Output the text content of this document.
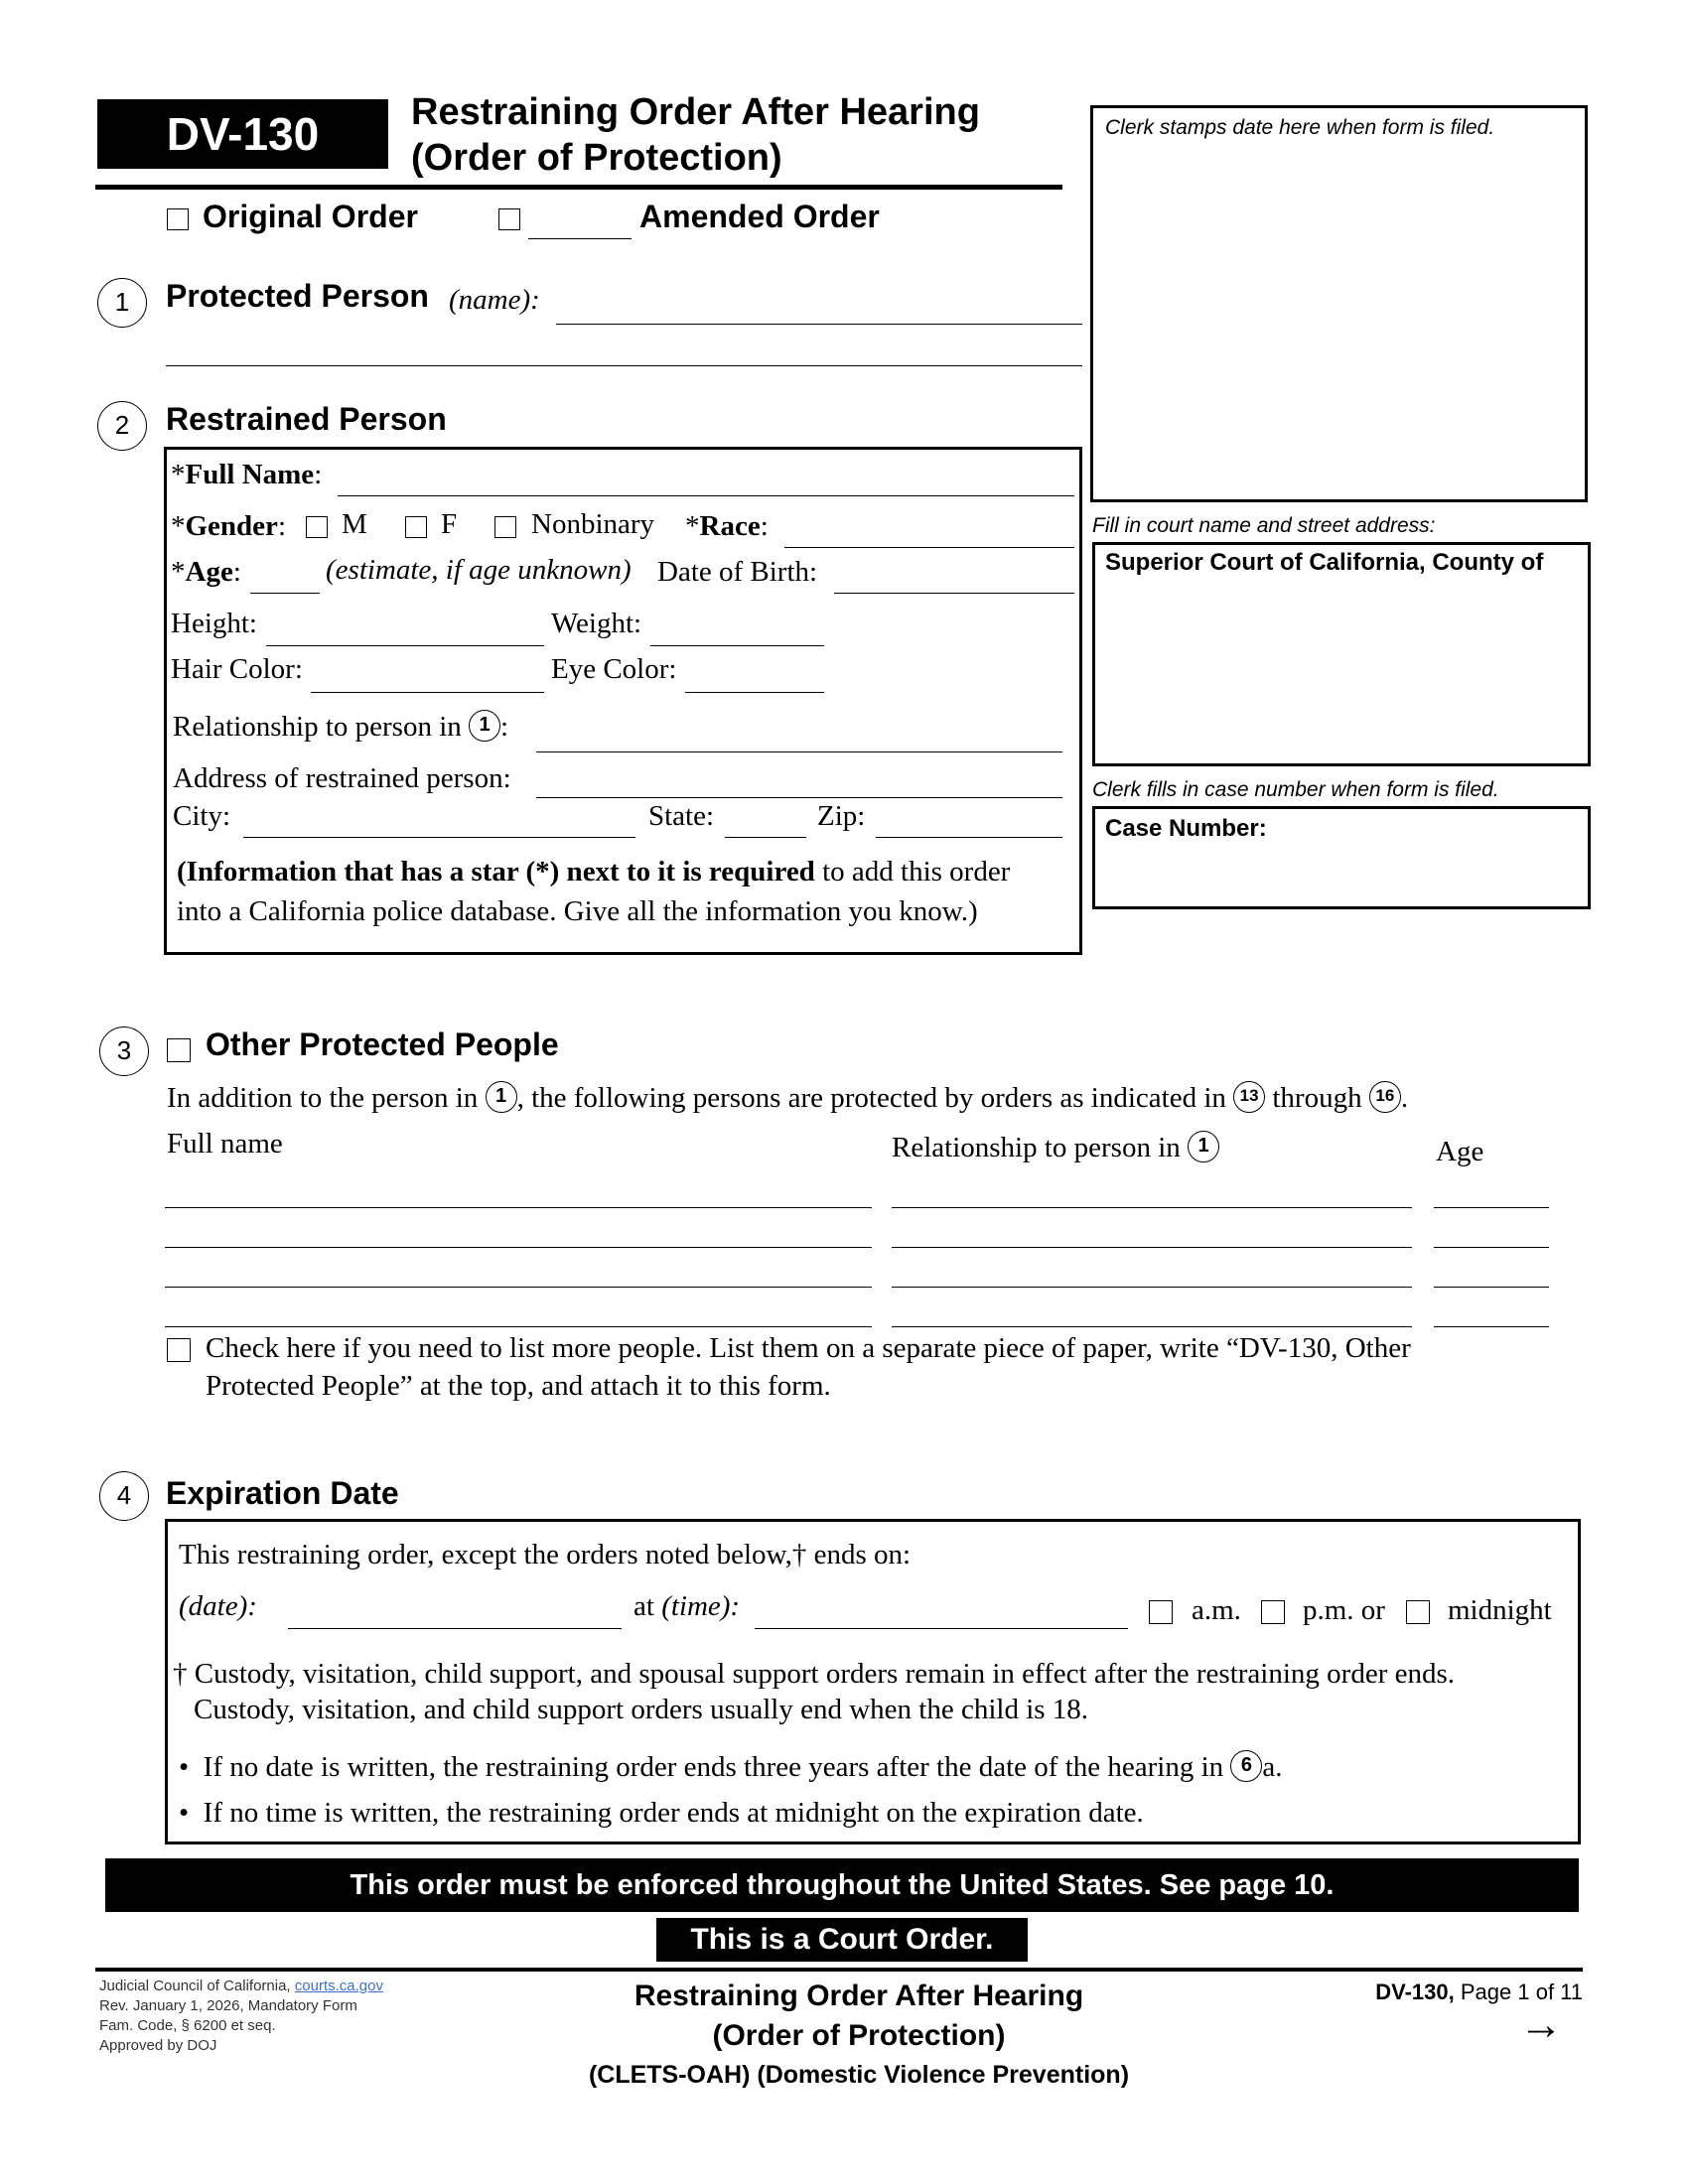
DV-130	Restraining Order After Hearing
(Order of Protection)
Original Order	Amended Order
Clerk stamps date here when form is filed.
Fill in court name and street address:
Superior Court of California, County of
Clerk fills in case number when form is filed.
Case Number:
1	Protected Person (name):
2	Restrained Person
*Full Name:
*Gender: M	F	Nonbinary *Race:
*Age:	(estimate, if age unknown) Date of Birth:
Height:	Weight:
Hair Color:	Eye Color:
Relationship to person in 1 :
Address of restrained person:
City:	State:	Zip:
(Information that has a star (*) next to it is required to add this order
into a California police database. Give all the information you know.)
3	Other Protected People
In addition to the person in 1 , the following persons are protected by orders as indicated in 13 through 16 .
Full name	Relationship to person in 1	Age
Check here if you need to list more people. List them on a separate piece of paper, write “DV-130, Other
Protected People” at the top, and attach it to this form.
4	Expiration Date
This restraining order, except the orders noted below,† ends on:
(date):	at (time):	a.m. p.m. or midnight
† Custody, visitation, child support, and spousal support orders remain in effect after the restraining order ends.
Custody, visitation, and child support orders usually end when the child is 18.
•  If no date is written, the restraining order ends three years after the date of the hearing in 6 a.
•  If no time is written, the restraining order ends at midnight on the expiration date.
This order must be enforced throughout the United States. See page 10.
This is a Court Order.
Judicial Council of California, courts.ca.gov
Rev. January 1, 2026, Mandatory Form
Fam. Code, § 6200 et seq.
Approved by DOJ
Restraining Order After Hearing
(Order of Protection)
(CLETS-OAH) (Domestic Violence Prevention)
DV-130, Page 1 of 11
→
